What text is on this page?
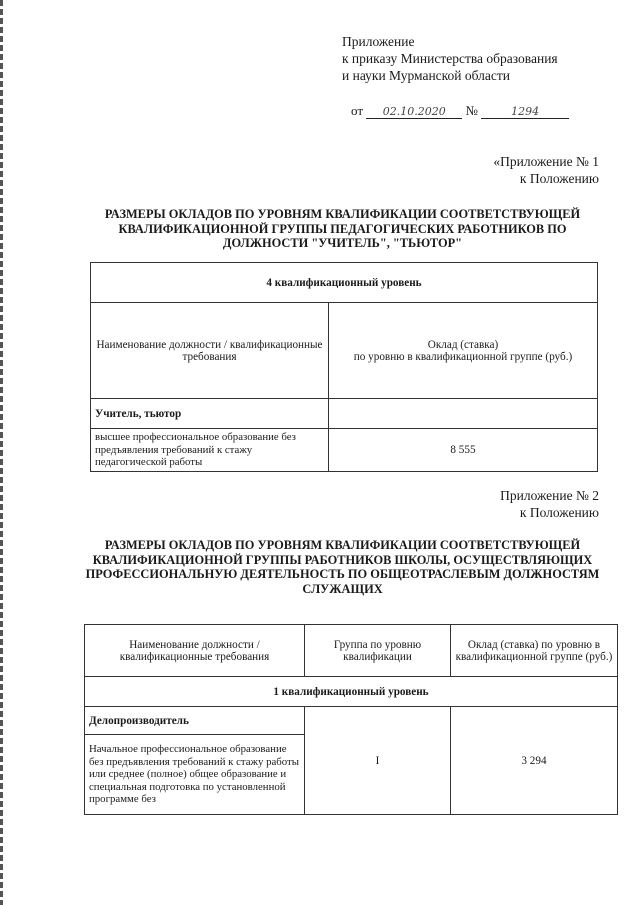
Приложение
к приказу Министерства образования
и науки Мурманской области
от 02.10.2020 №	1294
«Приложение № 1
к Положению
РАЗМЕРЫ ОКЛАДОВ ПО УРОВНЯМ КВАЛИФИКАЦИИ СООТВЕТСТВУЮЩЕЙ КВАЛИФИКАЦИОННОЙ ГРУППЫ ПЕДАГОГИЧЕСКИХ РАБОТНИКОВ ПО ДОЛЖНОСТИ "УЧИТЕЛЬ", "ТЬЮТОР"
4 квалификационный уровень	
Наименование должности / квалификационные требования	Оклад (ставка)
по уровню в квалификационной группе (руб.)

Учитель, тьютор	
высшее профессиональное образование без предъявления требований к стажу педагогической работы	8 555
Приложение № 2
к Положению
РАЗМЕРЫ ОКЛАДОВ ПО УРОВНЯМ КВАЛИФИКАЦИИ СООТВЕТСТВУЮЩЕЙ КВАЛИФИКАЦИОННОЙ ГРУППЫ РАБОТНИКОВ ШКОЛЫ, ОСУЩЕСТВЛЯЮЩИХ ПРОФЕССИОНАЛЬНУЮ ДЕЯТЕЛЬНОСТЬ ПО ОБЩЕОТРАСЛЕВЫМ ДОЛЖНОСТЯМ СЛУЖАЩИХ
Наименование должности / квалификационные требования	Группа по уровню квалификации	Оклад (ставка) по уровню в квалификационной группе (руб.)
1 квалификационный уровень		
Делопроизводитель	I	3 294
Начальное профессиональное образование без предъявления требований к стажу работы или среднее (полное) общее образование и специальная подготовка по установленной программе без		
